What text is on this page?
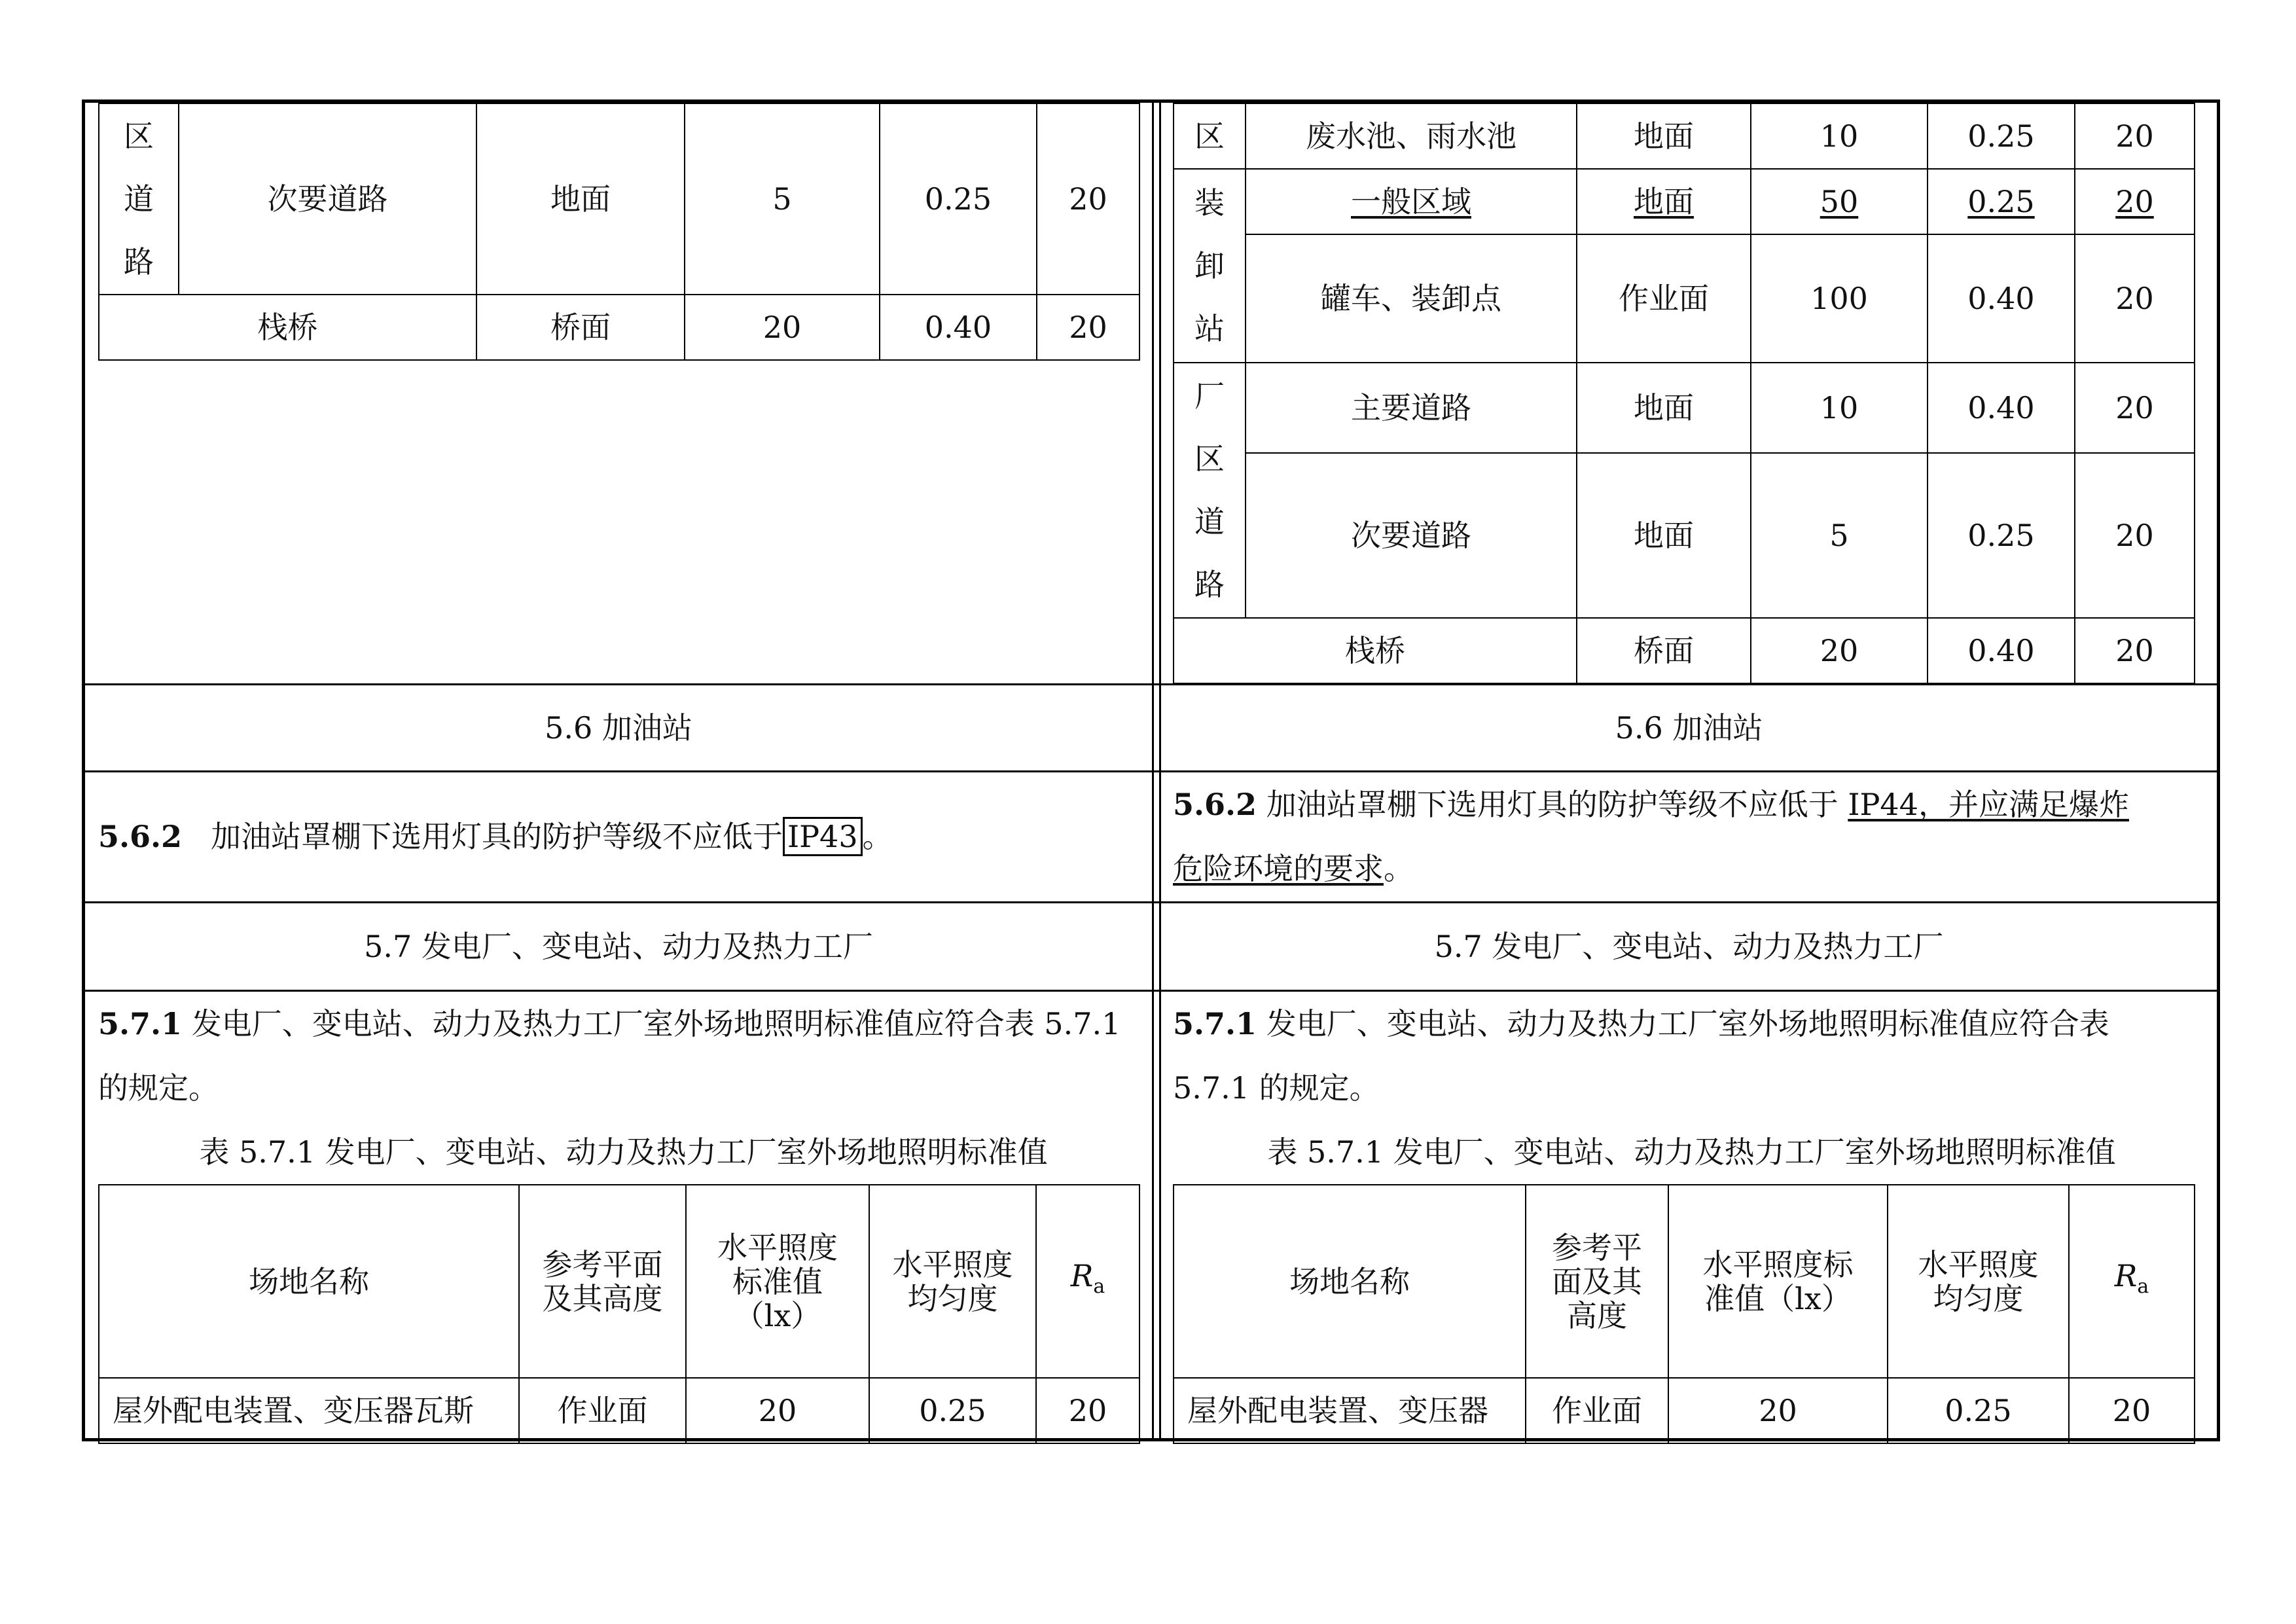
区
道
路	次要道路	地面	5	0.25	20
栈桥		桥面	20	0.40	20
区	废水池、雨水池	地面	10	0.25	20
装
卸
站	一般区域	地面	50	0.25	20
	罐车、装卸点	作业面	100	0.40	20
厂
区
道
路	主要道路	地面	10	0.40	20
	次要道路	地面	5	0.25	20
栈桥		桥面	20	0.40	20
5.6 加油站	5.6 加油站
5.6.2 加油站罩棚下选用灯具的防护等级不应低于 IP43 。
5.6.2 加油站罩棚下选用灯具的防护等级不应低于 IP44，并应满足爆炸
危险环境的要求。
5.7 发电厂、变电站、动力及热力工厂	5.7 发电厂、变电站、动力及热力工厂
5.7.1 发电厂、变电站、动力及热力工厂室外场地照明标准值应符合表 5.7.1
的规定。
表 5.7.1 发电厂、变电站、动力及热力工厂室外场地照明标准值
5.7.1 发电厂、变电站、动力及热力工厂室外场地照明标准值应符合表
5.7.1 的规定。
表 5.7.1 发电厂、变电站、动力及热力工厂室外场地照明标准值
场地名称	参考平面及其高度	水平照度标准值（lx）	水平照度均匀度	$R_a$
屋外配电装置、变压器瓦斯	作业面	20	0.25	20
场地名称	参考平面及其高度	水平照度标准值（lx）	水平照度均匀度	$R_a$
屋外配电装置、变压器	作业面	20	0.25	20
